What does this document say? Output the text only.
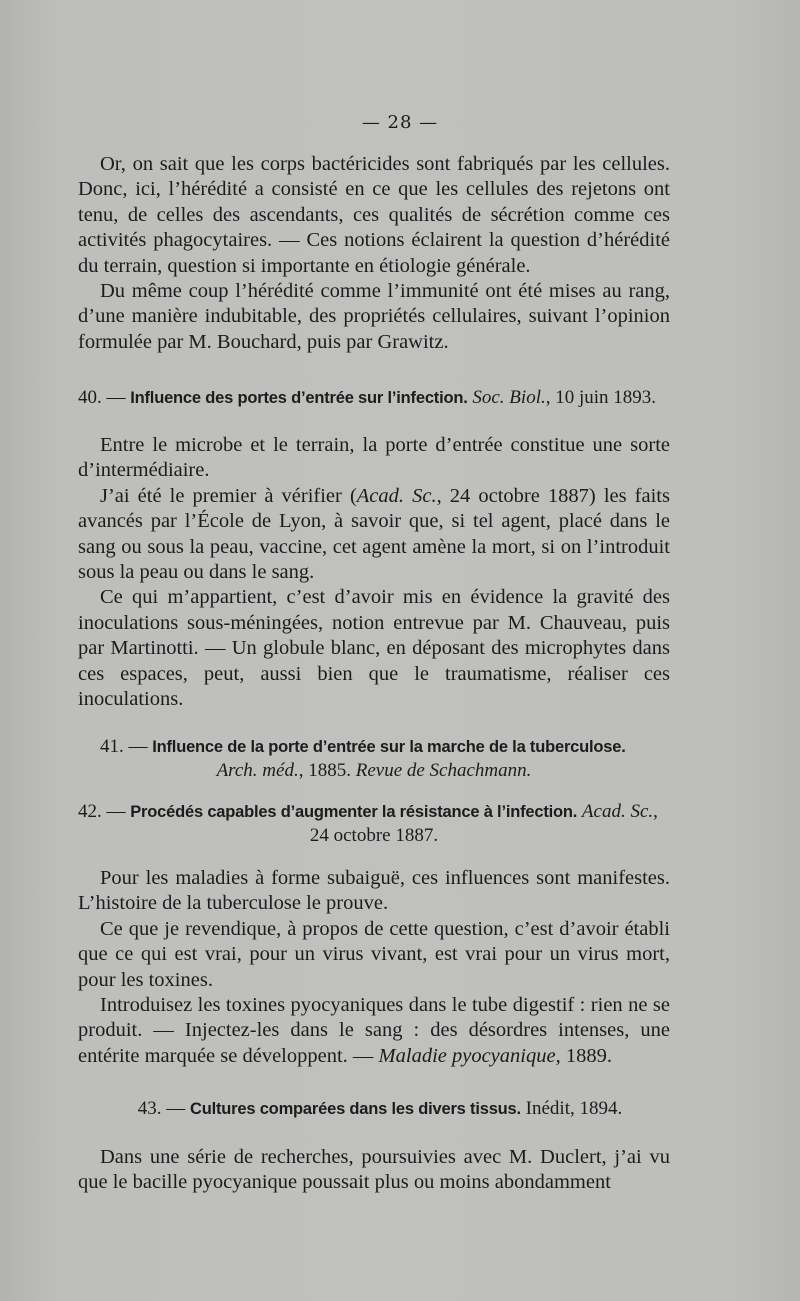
— 28 —

Or, on sait que les corps bactéricides sont fabriqués par les cellules. Donc, ici, l’hérédité a consisté en ce que les cellules des rejetons ont tenu, de celles des ascendants, ces qualités de sécrétion comme ces activités phagocytaires. — Ces notions éclairent la question d’hérédité du terrain, question si importante en étiologie générale.

Du même coup l’hérédité comme l’immunité ont été mises au rang, d’une manière indubitable, des propriétés cellulaires, suivant l’opinion formulée par M. Bouchard, puis par Grawitz.

40. — Influence des portes d’entrée sur l’infection. Soc. Biol., 10 juin 1893.

Entre le microbe et le terrain, la porte d’entrée constitue une sorte d’intermédiaire.

J’ai été le premier à vérifier (Acad. Sc., 24 octobre 1887) les faits avancés par l’École de Lyon, à savoir que, si tel agent, placé dans le sang ou sous la peau, vaccine, cet agent amène la mort, si on l’introduit sous la peau ou dans le sang.

Ce qui m’appartient, c’est d’avoir mis en évidence la gravité des inoculations sous-méningées, notion entrevue par M. Chauveau, puis par Martinotti. — Un globule blanc, en déposant des microphytes dans ces espaces, peut, aussi bien que le traumatisme, réaliser ces inoculations.

41. — Influence de la porte d’entrée sur la marche de la tuberculose.
Arch. méd., 1885. Revue de Schachmann.
42. — Procédés capables d’augmenter la résistance à l’infection. Acad. Sc.,
24 octobre 1887.

Pour les maladies à forme subaiguë, ces influences sont manifestes. L’histoire de la tuberculose le prouve.

Ce que je revendique, à propos de cette question, c’est d’avoir établi que ce qui est vrai, pour un virus vivant, est vrai pour un virus mort, pour les toxines.

Introduisez les toxines pyocyaniques dans le tube digestif : rien ne se produit. — Injectez-les dans le sang : des désordres intenses, une entérite marquée se développent. — Maladie pyocyanique, 1889.

43. — Cultures comparées dans les divers tissus. Inédit, 1894.

Dans une série de recherches, poursuivies avec M. Duclert, j’ai vu que le bacille pyocyanique poussait plus ou moins abondamment
